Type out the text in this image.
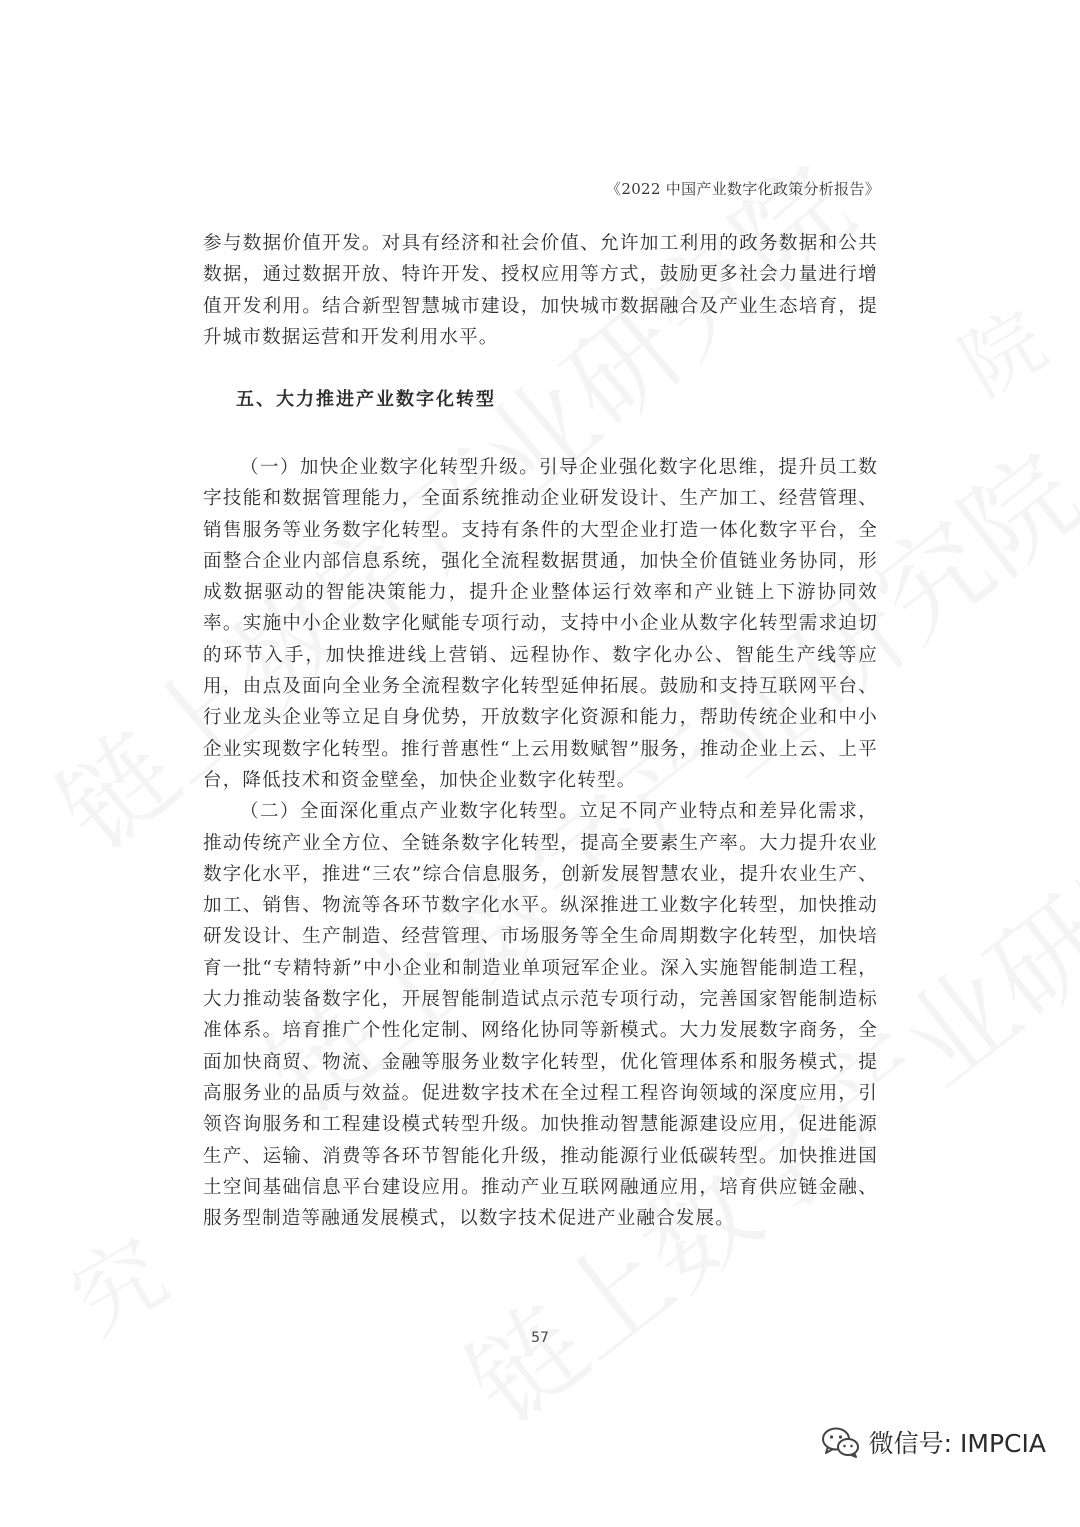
《2022 中国产业数字化政策分析报告》
参与数据价值开发。对具有经济和社会价值、允许加工利用的政务数据和公共数据，通过数据开放、特许开发、授权应用等方式，鼓励更多社会力量进行增值开发利用。结合新型智慧城市建设，加快城市数据融合及产业生态培育，提升城市数据运营和开发利用水平。
五、大力推进产业数字化转型

（一）加快企业数字化转型升级。引导企业强化数字化思维，提升员工数字技能和数据管理能力，全面系统推动企业研发设计、生产加工、经营管理、销售服务等业务数字化转型。支持有条件的大型企业打造一体化数字平台，全面整合企业内部信息系统，强化全流程数据贯通，加快全价值链业务协同，形成数据驱动的智能决策能力，提升企业整体运行效率和产业链上下游协同效率。实施中小企业数字化赋能专项行动，支持中小企业从数字化转型需求迫切的环节入手，加快推进线上营销、远程协作、数字化办公、智能生产线等应用，由点及面向全业务全流程数字化转型延伸拓展。鼓励和支持互联网平台、行业龙头企业等立足自身优势，开放数字化资源和能力，帮助传统企业和中小企业实现数字化转型。推行普惠性“上云用数赋智”服务，推动企业上云、上平台，降低技术和资金壁垒，加快企业数字化转型。

（二）全面深化重点产业数字化转型。立足不同产业特点和差异化需求，推动传统产业全方位、全链条数字化转型，提高全要素生产率。大力提升农业数字化水平，推进“三农”综合信息服务，创新发展智慧农业，提升农业生产、加工、销售、物流等各环节数字化水平。纵深推进工业数字化转型，加快推动研发设计、生产制造、经营管理、市场服务等全生命周期数字化转型，加快培育一批“专精特新”中小企业和制造业单项冠军企业。深入实施智能制造工程，大力推动装备数字化，开展智能制造试点示范专项行动，完善国家智能制造标准体系。培育推广个性化定制、网络化协同等新模式。大力发展数字商务，全面加快商贸、物流、金融等服务业数字化转型，优化管理体系和服务模式，提高服务业的品质与效益。促进数字技术在全过程工程咨询领域的深度应用，引领咨询服务和工程建设模式转型升级。加快推动智慧能源建设应用，促进能源生产、运输、消费等各环节智能化升级，推动能源行业低碳转型。加快推进国土空间基础信息平台建设应用。推动产业互联网融通应用，培育供应链金融、服务型制造等融通发展模式，以数字技术促进产业融合发展。

57
微信号: IMPCIA
